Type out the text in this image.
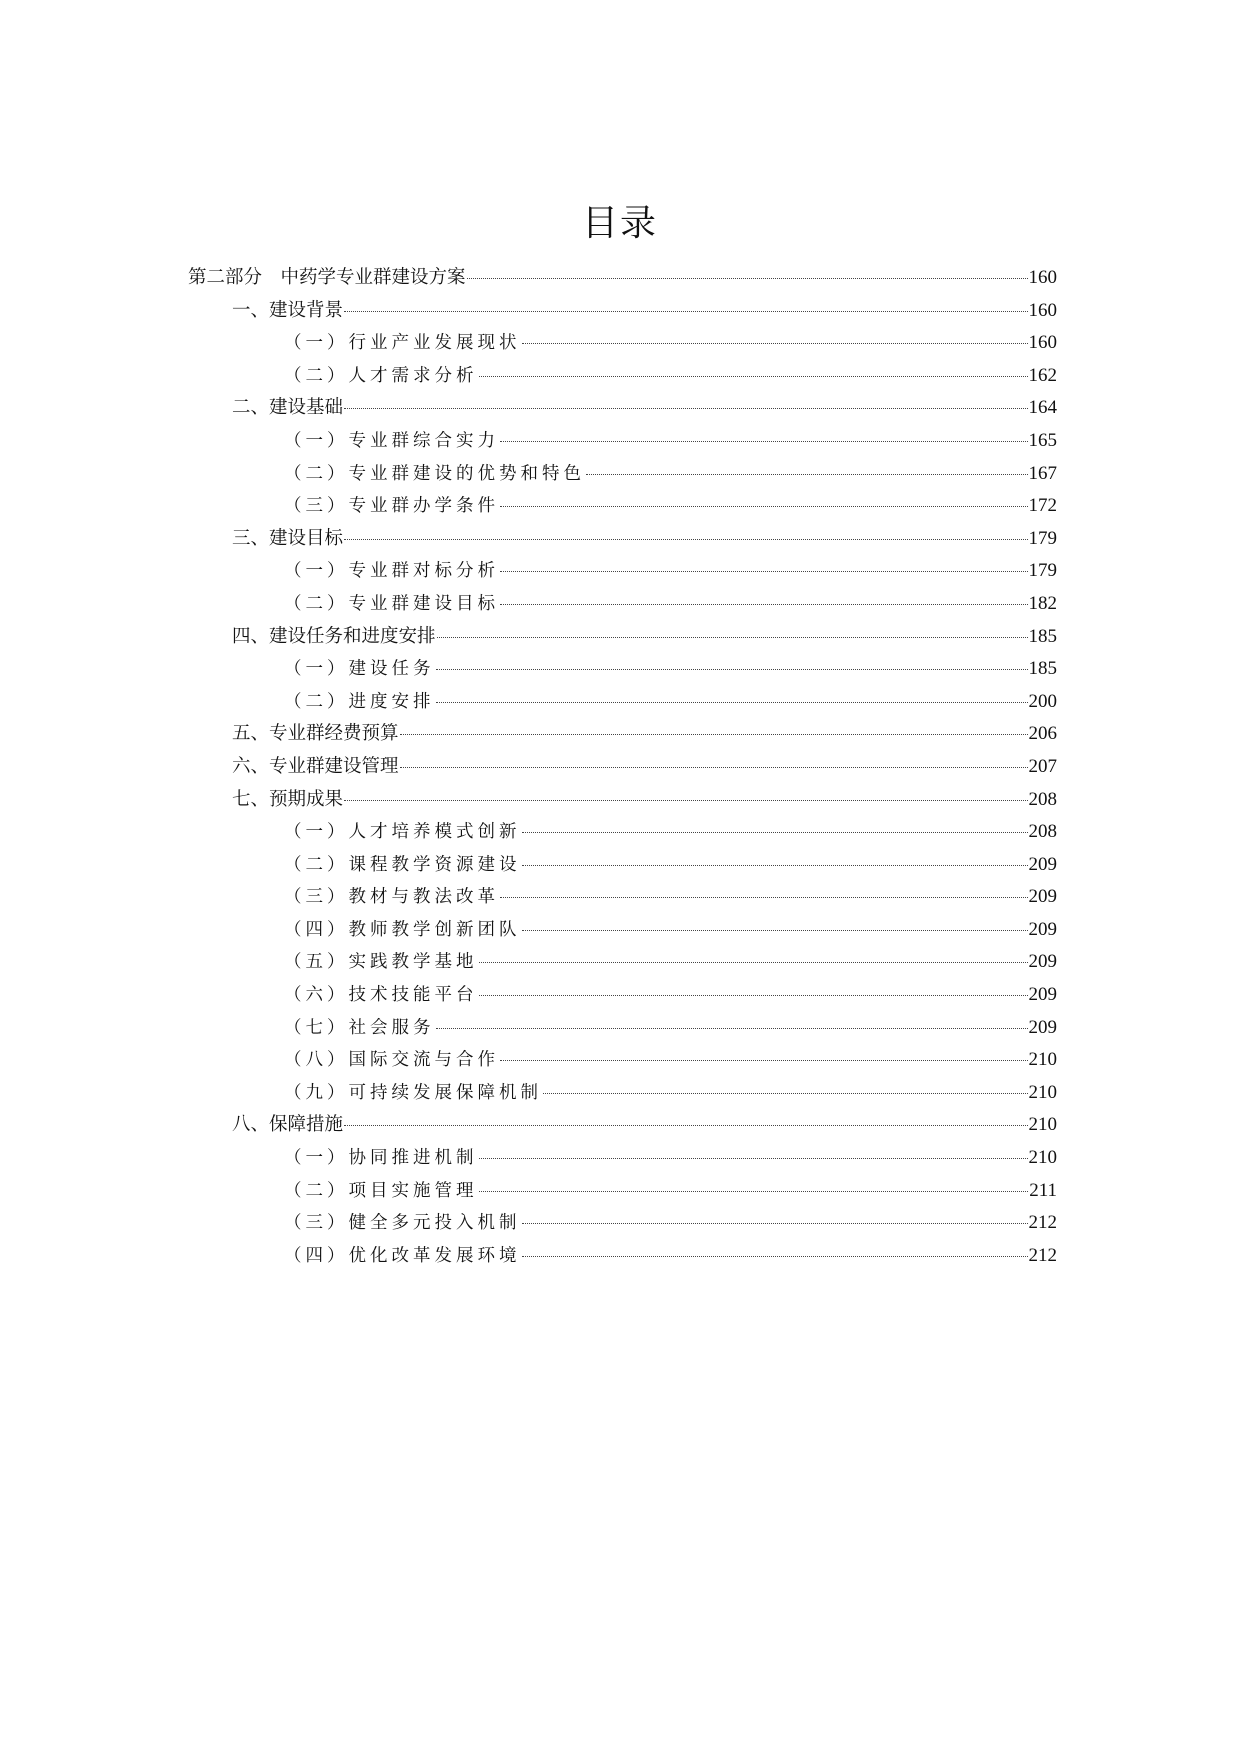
目录
第二部分　中药学专业群建设方案	160
一、建设背景	160
（一）行业产业发展现状	160
（二）人才需求分析	162
二、建设基础	164
（一）专业群综合实力	165
（二）专业群建设的优势和特色	167
（三）专业群办学条件	172
三、建设目标	179
（一）专业群对标分析	179
（二）专业群建设目标	182
四、建设任务和进度安排	185
（一）建设任务	185
（二）进度安排	200
五、专业群经费预算	206
六、专业群建设管理	207
七、预期成果	208
（一）人才培养模式创新	208
（二）课程教学资源建设	209
（三）教材与教法改革	209
（四）教师教学创新团队	209
（五）实践教学基地	209
（六）技术技能平台	209
（七）社会服务	209
（八）国际交流与合作	210
（九）可持续发展保障机制	210
八、保障措施	210
（一）协同推进机制	210
（二）项目实施管理	211
（三）健全多元投入机制	212
（四）优化改革发展环境	212
